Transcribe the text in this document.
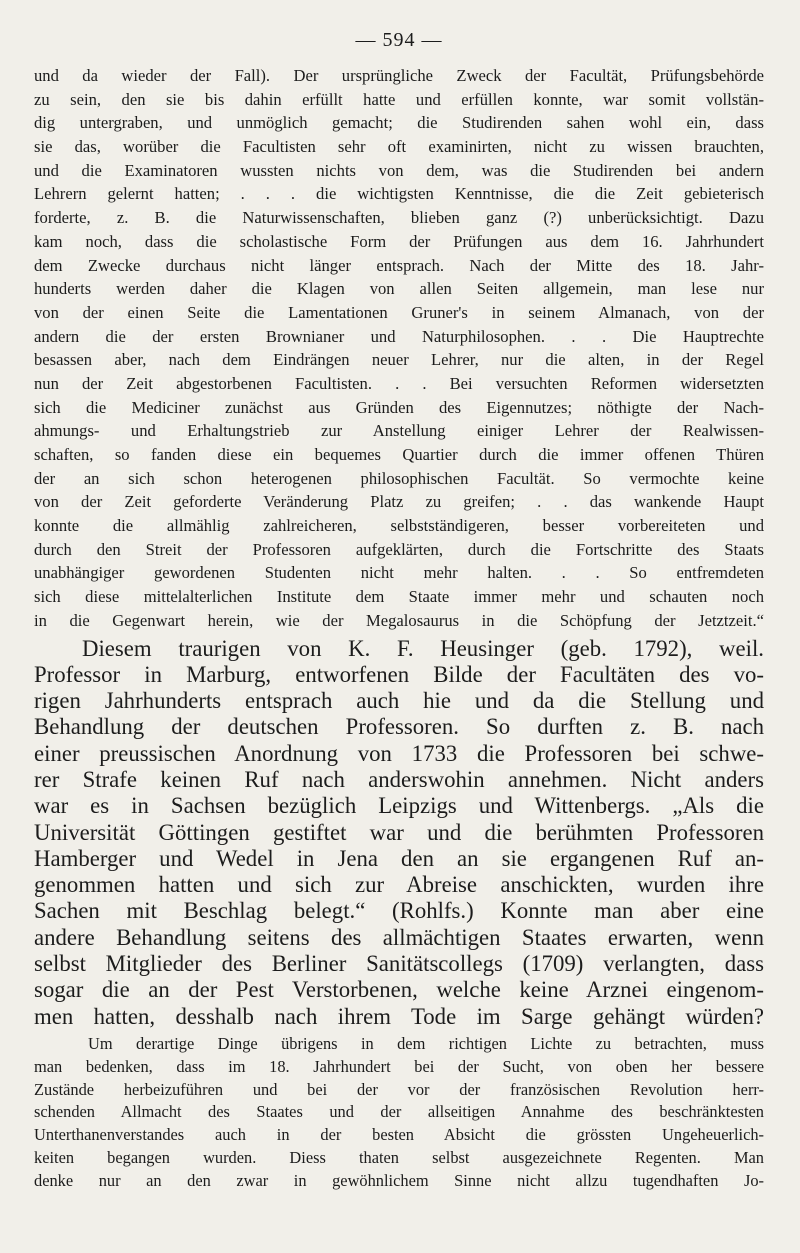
— 594 —
und da wieder der Fall). Der ursprüngliche Zweck der Facultät, Prüfungsbehörde
zu sein, den sie bis dahin erfüllt hatte und erfüllen konnte, war somit vollstän-
dig untergraben, und unmöglich gemacht; die Studirenden sahen wohl ein, dass
sie das, worüber die Facultisten sehr oft examinirten, nicht zu wissen brauchten,
und die Examinatoren wussten nichts von dem, was die Studirenden bei andern
Lehrern gelernt hatten; . . . die wichtigsten Kenntnisse, die die Zeit gebieterisch
forderte, z. B. die Naturwissenschaften, blieben ganz (?) unberücksichtigt. Dazu
kam noch, dass die scholastische Form der Prüfungen aus dem 16. Jahrhundert
dem Zwecke durchaus nicht länger entsprach. Nach der Mitte des 18. Jahr-
hunderts werden daher die Klagen von allen Seiten allgemein, man lese nur
von der einen Seite die Lamentationen Gruner's in seinem Almanach, von der
andern die der ersten Brownianer und Naturphilosophen. . . Die Hauptrechte
besassen aber, nach dem Eindrängen neuer Lehrer, nur die alten, in der Regel
nun der Zeit abgestorbenen Facultisten. . . Bei versuchten Reformen widersetzten
sich die Mediciner zunächst aus Gründen des Eigennutzes; nöthigte der Nach-
ahmungs- und Erhaltungstrieb zur Anstellung einiger Lehrer der Realwissen-
schaften, so fanden diese ein bequemes Quartier durch die immer offenen Thüren
der an sich schon heterogenen philosophischen Facultät. So vermochte keine
von der Zeit geforderte Veränderung Platz zu greifen; . . das wankende Haupt
konnte die allmählig zahlreicheren, selbstständigeren, besser vorbereiteten und
durch den Streit der Professoren aufgeklärten, durch die Fortschritte des Staats
unabhängiger gewordenen Studenten nicht mehr halten. . . So entfremdeten
sich diese mittelalterlichen Institute dem Staate immer mehr und schauten noch
in die Gegenwart herein, wie der Megalosaurus in die Schöpfung der Jetztzeit.“
Diesem traurigen von K. F. Heusinger (geb. 1792), weil.
Professor in Marburg, entworfenen Bilde der Facultäten des vo-
rigen Jahrhunderts entsprach auch hie und da die Stellung und
Behandlung der deutschen Professoren. So durften z. B. nach
einer preussischen Anordnung von 1733 die Professoren bei schwe-
rer Strafe keinen Ruf nach anderswohin annehmen. Nicht anders
war es in Sachsen bezüglich Leipzigs und Wittenbergs. „Als die
Universität Göttingen gestiftet war und die berühmten Professoren
Hamberger und Wedel in Jena den an sie ergangenen Ruf an-
genommen hatten und sich zur Abreise anschickten, wurden ihre
Sachen mit Beschlag belegt.“ (Rohlfs.) Konnte man aber eine
andere Behandlung seitens des allmächtigen Staates erwarten, wenn
selbst Mitglieder des Berliner Sanitätscollegs (1709) verlangten, dass
sogar die an der Pest Verstorbenen, welche keine Arznei eingenom-
men hatten, desshalb nach ihrem Tode im Sarge gehängt würden?
Um derartige Dinge übrigens in dem richtigen Lichte zu betrachten, muss
man bedenken, dass im 18. Jahrhundert bei der Sucht, von oben her bessere
Zustände herbeizuführen und bei der vor der französischen Revolution herr-
schenden Allmacht des Staates und der allseitigen Annahme des beschränktesten
Unterthanenverstandes auch in der besten Absicht die grössten Ungeheuerlich-
keiten begangen wurden. Diess thaten selbst ausgezeichnete Regenten. Man
denke nur an den zwar in gewöhnlichem Sinne nicht allzu tugendhaften Jo-
